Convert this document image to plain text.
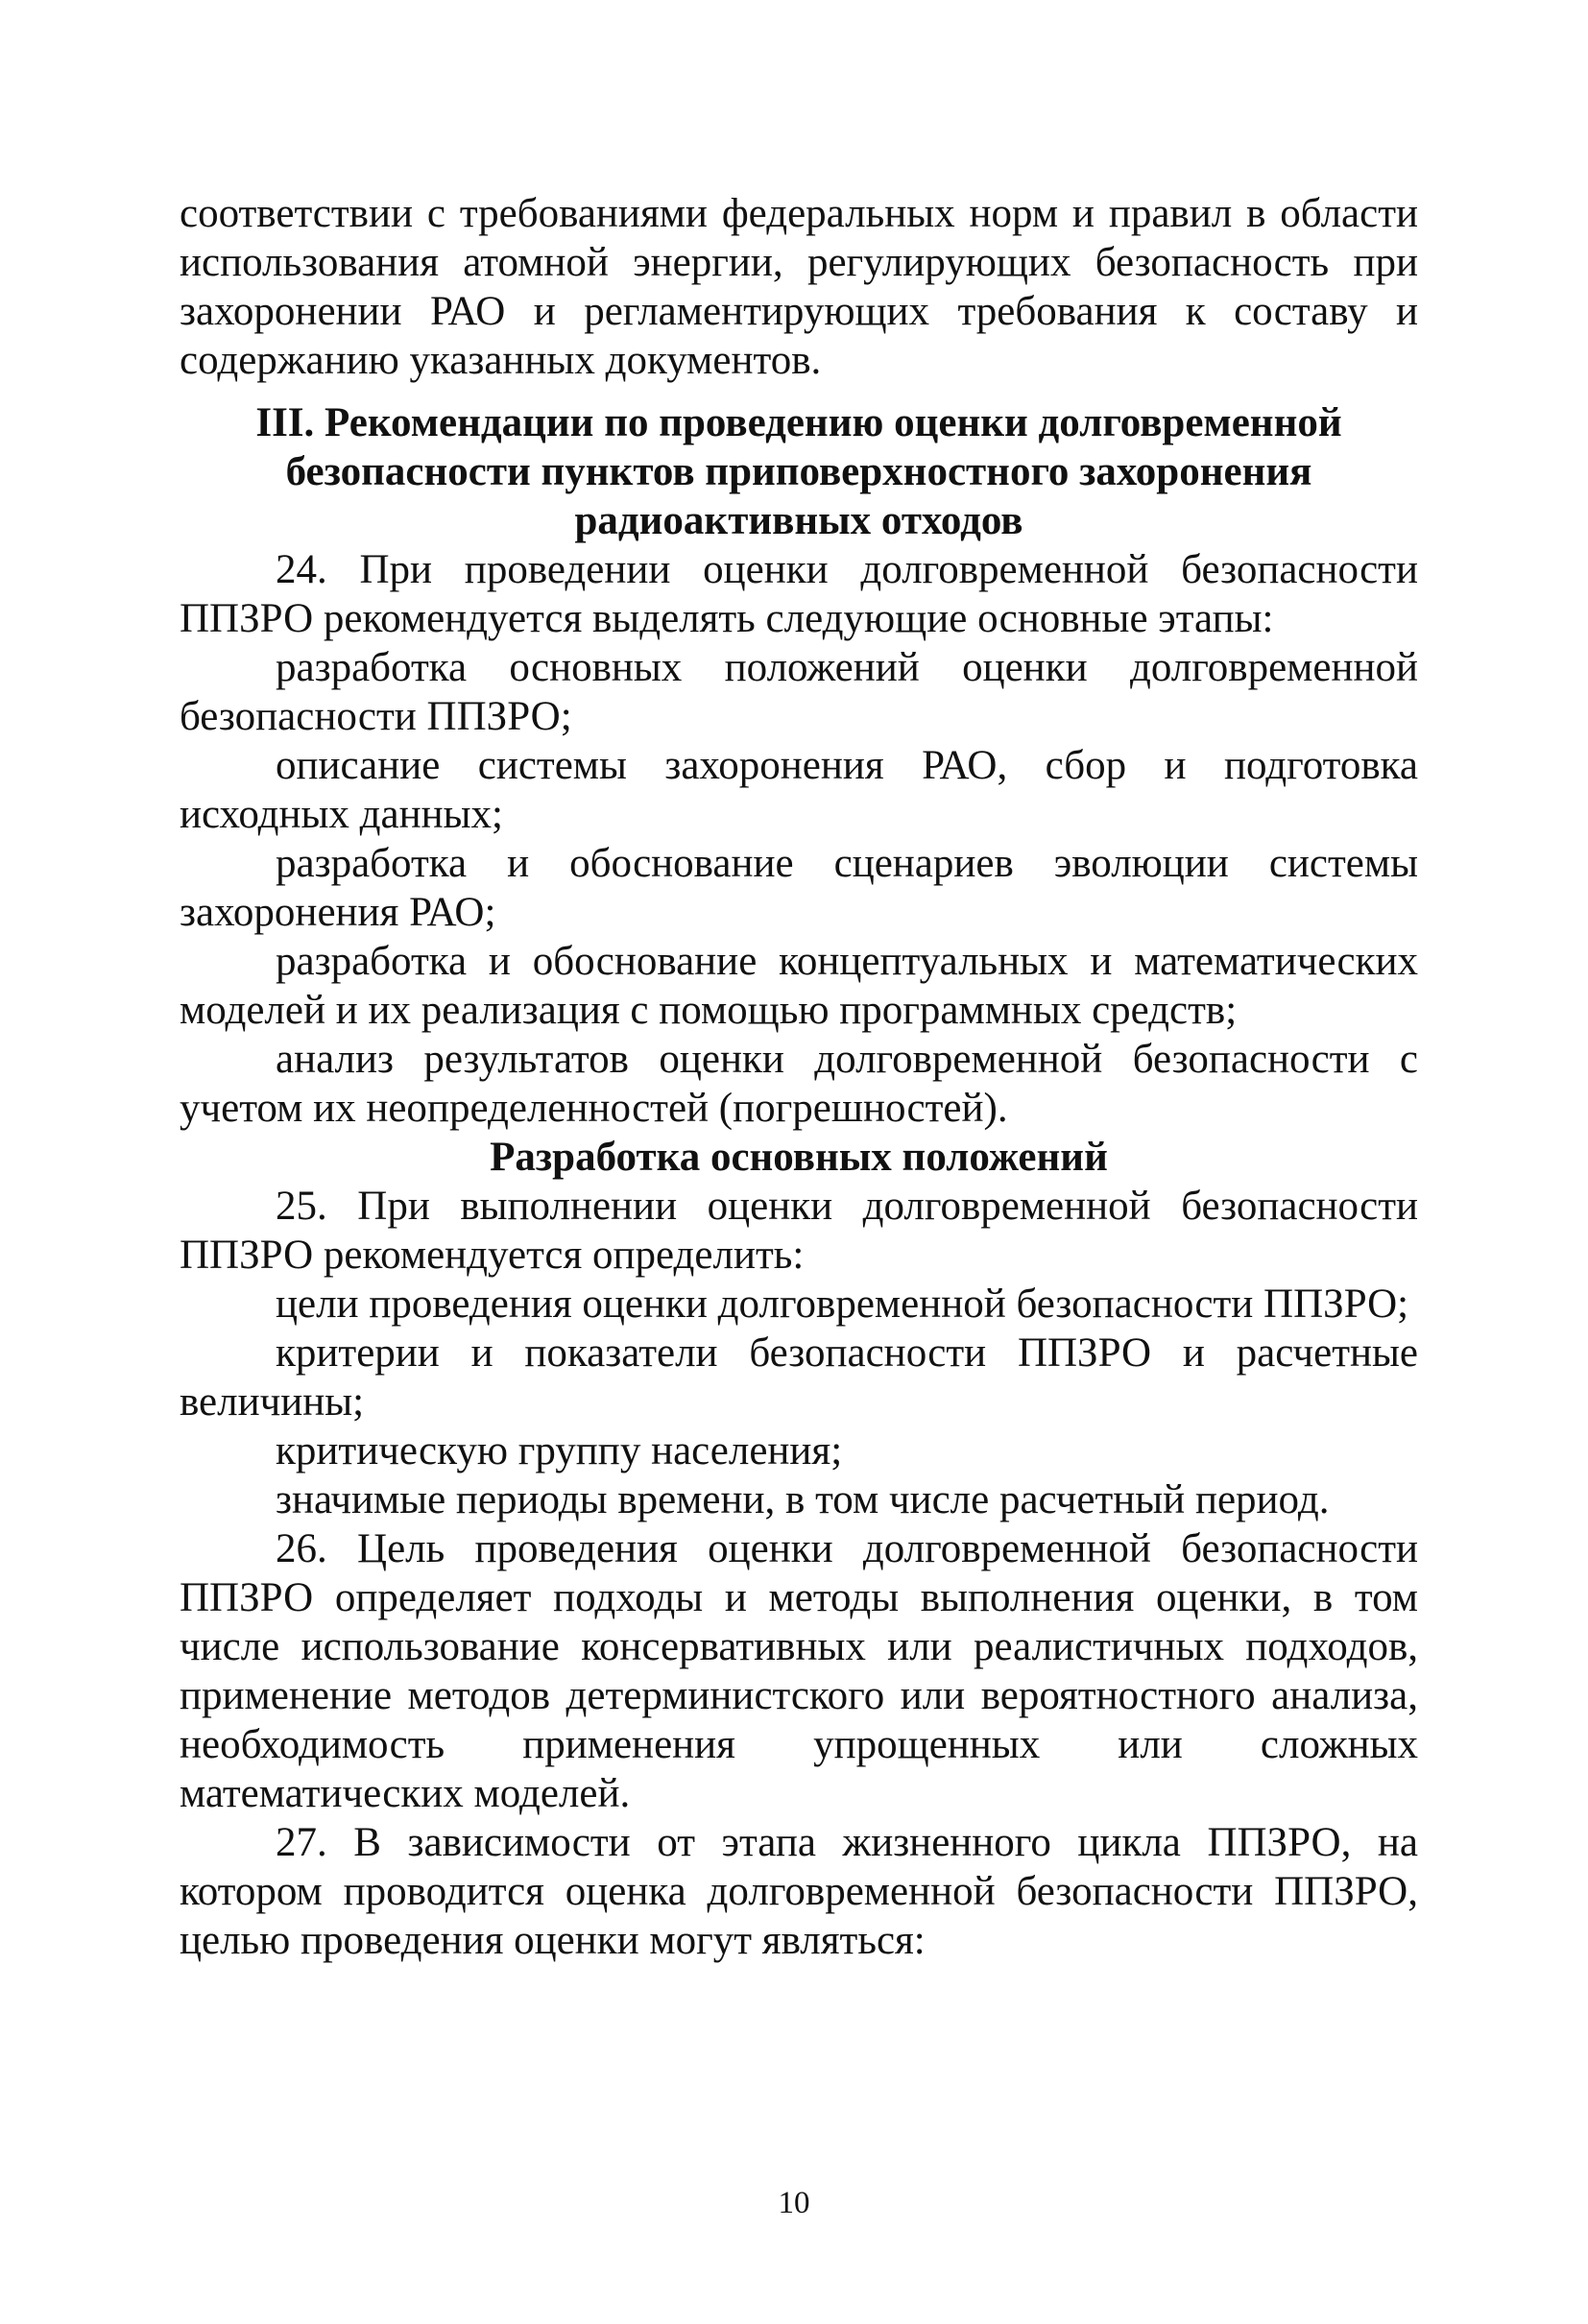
соответствии с требованиями федеральных норм и правил в области использования атомной энергии, регулирующих безопасность при захоронении РАО и регламентирующих требования к составу и содержанию указанных документов.

III. Рекомендации по проведению оценки долговременной безопасности пунктов приповерхностного захоронения радиоактивных отходов

24. При проведении оценки долговременной безопасности ППЗРО рекомендуется выделять следующие основные этапы:

разработка основных положений оценки долговременной безопасности ППЗРО;

описание системы захоронения РАО, сбор и подготовка исходных данных;

разработка и обоснование сценариев эволюции системы захоронения РАО;

разработка и обоснование концептуальных и математических моделей и их реализация с помощью программных средств;

анализ результатов оценки долговременной безопасности с учетом их неопределенностей (погрешностей).

Разработка основных положений

25. При выполнении оценки долговременной безопасности ППЗРО рекомендуется определить:

цели проведения оценки долговременной безопасности ППЗРО;

критерии и показатели безопасности ППЗРО и расчетные величины;

критическую группу населения;

значимые периоды времени, в том числе расчетный период.

26. Цель проведения оценки долговременной безопасности ППЗРО определяет подходы и методы выполнения оценки, в том числе использование консервативных или реалистичных подходов, применение методов детерминистского или вероятностного анализа, необходимость применения упрощенных или сложных математических моделей.

27. В зависимости от этапа жизненного цикла ППЗРО, на котором проводится оценка долговременной безопасности ППЗРО, целью проведения оценки могут являться:

10
